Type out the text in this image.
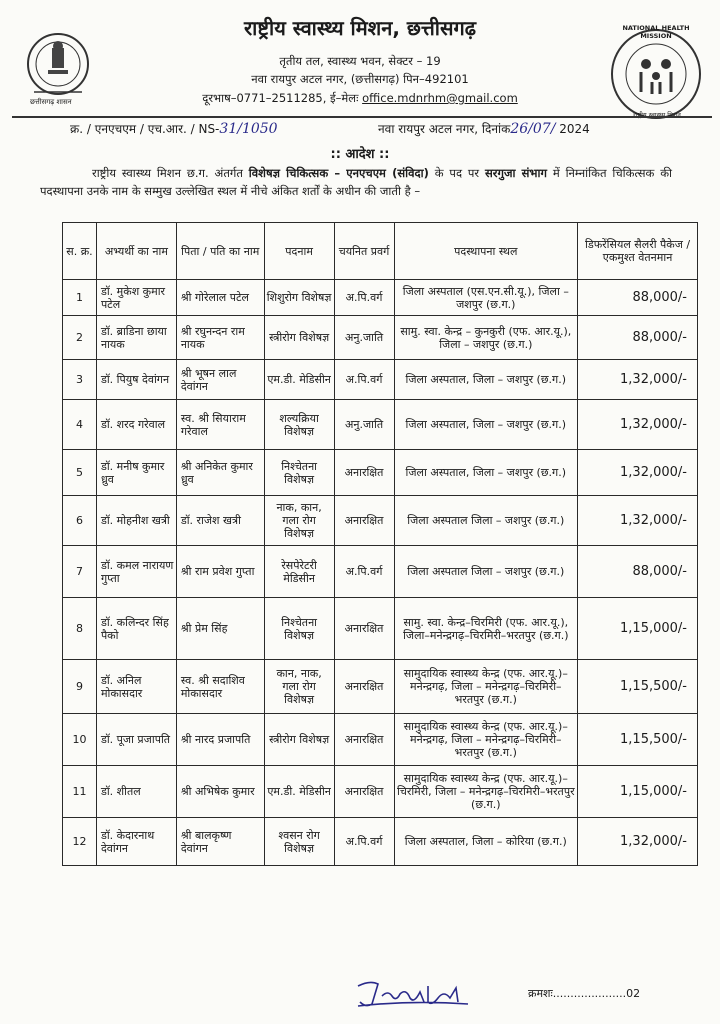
छत्तीसगढ़ शासन
राष्ट्रीय स्वास्थ्य मिशन, छत्तीसगढ़
तृतीय तल, स्वास्थ्य भवन, सेक्टर – 19
नवा रायपुर अटल नगर, (छत्तीसगढ़) पिन–492101
दूरभाष–0771–2511285, ई–मेलः office.mdnrhm@gmail.com
NATIONAL HEALTH MISSION
राष्ट्रीय स्वास्थ्य मिशन
क्र. / एनएचएम / एच.आर. / NS-31/1050	नवा रायपुर अटल नगर, दिनांक26/07/ 2024
:: आदेश ::
राष्ट्रीय स्वास्थ्य मिशन छ.ग. अंतर्गत विशेषज्ञ चिकित्सक – एनएचएम (संविदा) के पद पर सरगुजा संभाग में निम्नांकित चिकित्सक की पदस्थापना उनके नाम के सम्मुख उल्लेखित स्थल में नीचे अंकित शर्तों के अधीन की जाती है –
स. क्र.	अभ्यर्थी का नाम	पिता / पति का नाम	पदनाम	चयनित प्रवर्ग	पदस्थापना स्थल	डिफरेंसियल सैलरी पैकेज / एकमुश्त वेतनमान
1	डॉ. मुकेश कुमार पटेल	श्री गोरेलाल पटेल	शिशुरोग विशेषज्ञ	अ.पि.वर्ग	जिला अस्पताल (एस.एन.सी.यू.), जिला – जशपुर (छ.ग.)	88,000/-
2	डॉ. ब्राडिना छाया नायक	श्री रघुनन्दन राम नायक	स्त्रीरोग विशेषज्ञ	अनु.जाति	सामु. स्वा. केन्द्र – कुनकुरी (एफ. आर.यू.), जिला – जशपुर (छ.ग.)	88,000/-
3	डॉ. पियुष देवांगन	श्री भूषन लाल देवांगन	एम.डी. मेडिसीन	अ.पि.वर्ग	जिला अस्पताल, जिला – जशपुर (छ.ग.)	1,32,000/-
4	डॉ. शरद गरेवाल	स्व. श्री सियाराम गरेवाल	शल्यक्रिया विशेषज्ञ	अनु.जाति	जिला अस्पताल, जिला – जशपुर (छ.ग.)	1,32,000/-
5	डॉ. मनीष कुमार ध्रुव	श्री अनिकेत कुमार ध्रुव	निश्चेतना विशेषज्ञ	अनारक्षित	जिला अस्पताल, जिला – जशपुर (छ.ग.)	1,32,000/-
6	डॉ. मोहनीश खत्री	डॉ. राजेश खत्री	नाक, कान, गला रोग विशेषज्ञ	अनारक्षित	जिला अस्पताल जिला – जशपुर (छ.ग.)	1,32,000/-
7	डॉ. कमल नारायण गुप्ता	श्री राम प्रवेश गुप्ता	रेसपेरेटरी मेडिसीन	अ.पि.वर्ग	जिला अस्पताल जिला – जशपुर (छ.ग.)	88,000/-
8	डॉ. कलिन्दर सिंह पैको	श्री प्रेम सिंह	निश्चेतना विशेषज्ञ	अनारक्षित	सामु. स्वा. केन्द्र–चिरमिरी (एफ. आर.यू.), जिला–मनेन्द्रगढ़–चिरमिरी–भरतपुर (छ.ग.)	1,15,000/-
9	डॉ. अनिल मोकासदार	स्व. श्री सदाशिव मोकासदार	कान, नाक, गला रोग विशेषज्ञ	अनारक्षित	सामुदायिक स्वास्थ्य केन्द्र (एफ. आर.यू.)– मनेन्द्रगढ़, जिला – मनेन्द्रगढ़–चिरमिरी–भरतपुर (छ.ग.)	1,15,500/-
10	डॉ. पूजा प्रजापति	श्री नारद प्रजापति	स्त्रीरोग विशेषज्ञ	अनारक्षित	सामुदायिक स्वास्थ्य केन्द्र (एफ. आर.यू.)– मनेन्द्रगढ़, जिला – मनेन्द्रगढ़–चिरमिरी–भरतपुर (छ.ग.)	1,15,500/-
11	डॉ. शीतल	श्री अभिषेक कुमार	एम.डी. मेडिसीन	अनारक्षित	सामुदायिक स्वास्थ्य केन्द्र (एफ. आर.यू.)– चिरमिरी, जिला – मनेन्द्रगढ़–चिरमिरी–भरतपुर (छ.ग.)	1,15,000/-
12	डॉ. केदारनाथ देवांगन	श्री बालकृष्ण देवांगन	श्वसन रोग विशेषज्ञ	अ.पि.वर्ग	जिला अस्पताल, जिला – कोरिया (छ.ग.)	1,32,000/-
Jagdiel
क्रमशः.....................02
